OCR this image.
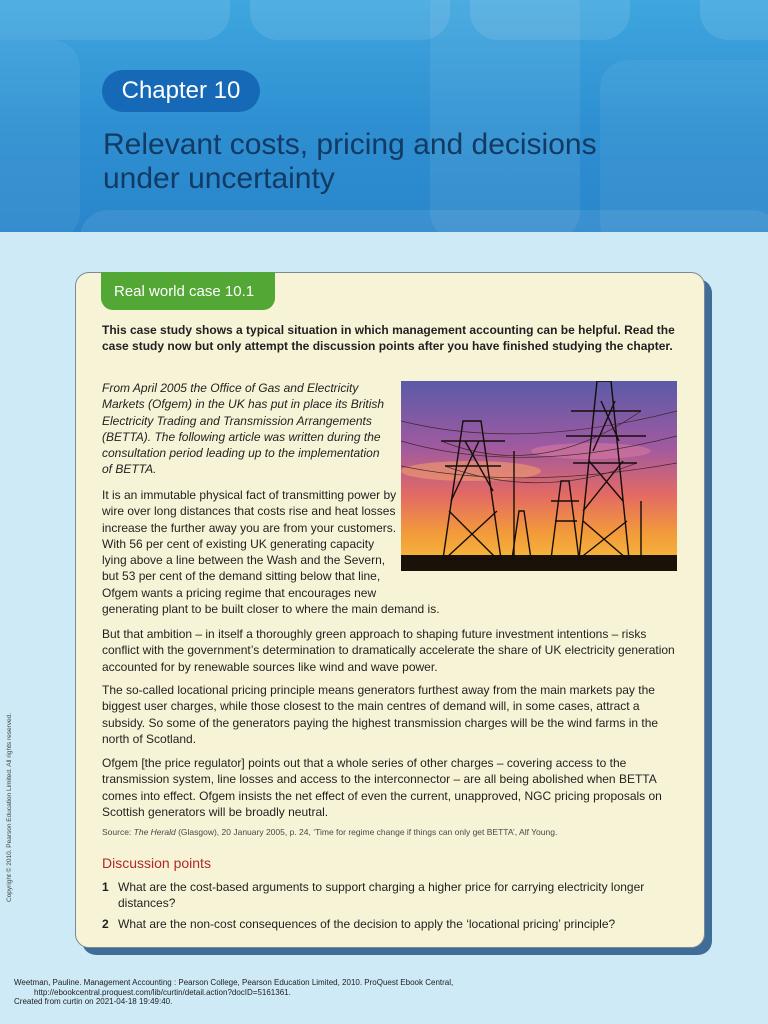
Chapter 10
Relevant costs, pricing and decisions
under uncertainty
Real world case 10.1

This case study shows a typical situation in which management accounting can be helpful. Read the case study now but only attempt the discussion points after you have finished studying the chapter.

From April 2005 the Office of Gas and Electricity Markets (Ofgem) in the UK has put in place its British Electricity Trading and Transmission Arrangements (BETTA). The following article was written during the consultation period leading up to the implementation of BETTA.

It is an immutable physical fact of transmitting power by wire over long distances that costs rise and heat losses increase the further away you are from your customers. With 56 per cent of existing UK generating capacity lying above a line between the Wash and the Severn, but 53 per cent of the demand sitting below that line, Ofgem wants a pricing regime that encourages new generating plant to be built closer to where the main demand is.

But that ambition – in itself a thoroughly green approach to shaping future investment intentions – risks conflict with the government’s determination to dramatically accelerate the share of UK electricity generation accounted for by renewable sources like wind and wave power.

The so-called locational pricing principle means generators furthest away from the main markets pay the biggest user charges, while those closest to the main centres of demand will, in some cases, attract a subsidy. So some of the generators paying the highest transmission charges will be the wind farms in the north of Scotland.

Ofgem [the price regulator] points out that a whole series of other charges – covering access to the transmission system, line losses and access to the interconnector – are all being abolished when BETTA comes into effect. Ofgem insists the net effect of even the current, unapproved, NGC pricing proposals on Scottish generators will be broadly neutral.

Source: The Herald (Glasgow), 20 January 2005, p. 24, ‘Time for regime change if things can only get BETTA’, Alf Young.

Discussion points
1 What are the cost-based arguments to support charging a higher price for carrying electricity longer distances?
2 What are the non-cost consequences of the decision to apply the ‘locational pricing’ principle?
Copyright © 2010. Pearson Education Limited. All rights reserved.
Weetman, Pauline. Management Accounting : Pearson College, Pearson Education Limited, 2010. ProQuest Ebook Central,
http://ebookcentral.proquest.com/lib/curtin/detail.action?docID=5161361.
Created from curtin on 2021-04-18 19:49:40.
